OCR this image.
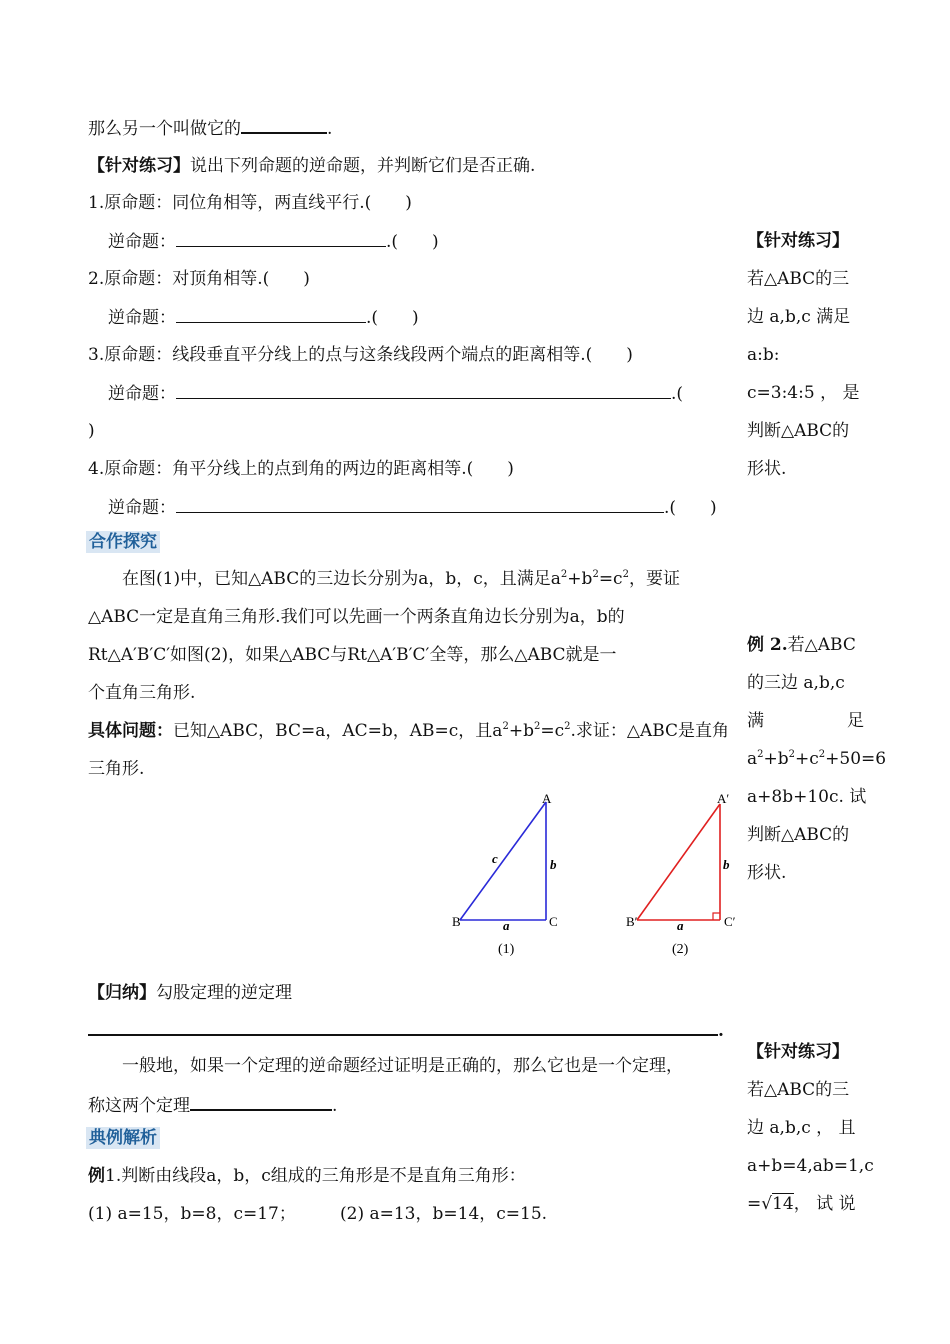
那么另一个叫做它的	.
【针对练习】说出下列命题的逆命题，并判断它们是否正确.
1.原命题：同位角相等，两直线平行.(　　)
逆命题：	.(　　)
2.原命题：对顶角相等.(　　)
逆命题：	.(　　)
3.原命题：线段垂直平分线上的点与这条线段两个端点的距离相等.(　　)
逆命题：	.(
)
4.原命题：角平分线上的点到角的两边的距离相等.(　　)
逆命题：	.(　　)
合作探究
在图(1)中，已知△ABC的三边长分别为a，b，c，且满足$a^2+b^2=c^2$，要证
△ABC一定是直角三角形.我们可以先画一个两条直角边长分别为a，b的
Rt△A′B′C′如图(2)，如果△ABC与Rt△A′B′C′全等，那么△ABC就是一
个直角三角形.
具体问题：已知△ABC，BC=a，AC=b，AB=c，且$a^2+b^2=c^2$.求证：△ABC是直角
三角形.
A
B	C
a
b
c
(1)
A′
B′	C′
a
b
(2)
【归纳】勾股定理的逆定理
.
一般地，如果一个定理的逆命题经过证明是正确的，那么它也是一个定理，
称这两个定理	.
典例解析
例1.判断由线段a，b，c组成的三角形是不是直角三角形：
(1) a=15，b=8，c=17；	(2) a=13，b=14，c=15.
【针对练习】
若△ABC的三
边 a,b,c 满足
a:b:
c=3:4:5 ， 是
判断△ABC的
形状.
例 2.若△ABC
的三边 a,b,c
满	足
$a^2+b^2+c^2+50=6$
a+8b+10c. 试
判断△ABC的
形状.
【针对练习】
若△ABC的三
边 a,b,c ， 且
a+b=4,ab=1,c
=√14， 试 说
